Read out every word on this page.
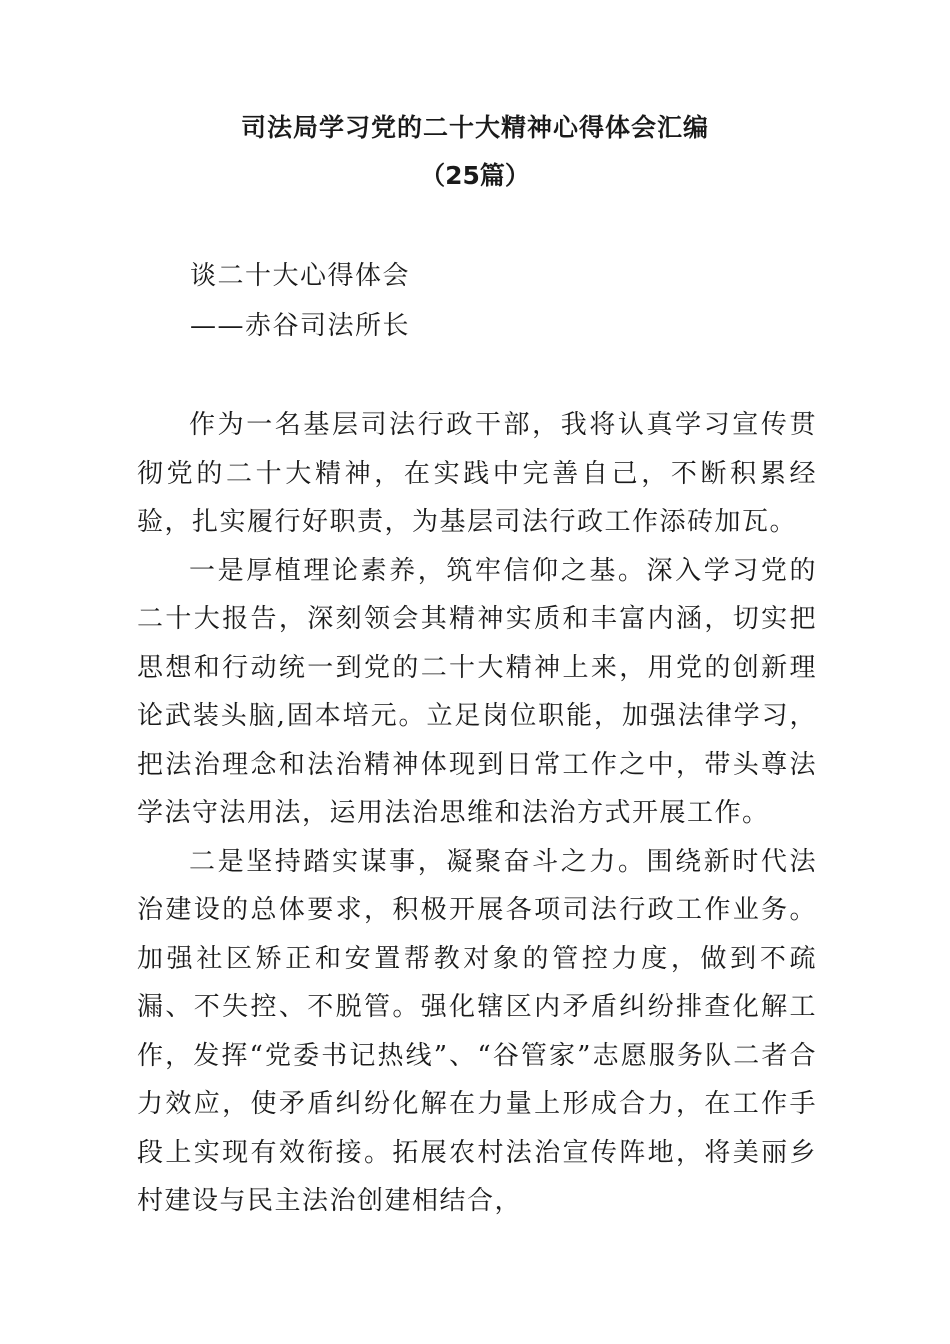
司法局学习党的二十大精神心得体会汇编
（25篇）
谈二十大心得体会
——赤谷司法所长

作为一名基层司法行政干部，我将认真学习宣传贯彻党的二十大精神，在实践中完善自己，不断积累经验，扎实履行好职责，为基层司法行政工作添砖加瓦。

一是厚植理论素养，筑牢信仰之基。深入学习党的二十大报告，深刻领会其精神实质和丰富内涵，切实把思想和行动统一到党的二十大精神上来，用党的创新理论武装头脑,固本培元。立足岗位职能，加强法律学习，把法治理念和法治精神体现到日常工作之中，带头尊法学法守法用法，运用法治思维和法治方式开展工作。

二是坚持踏实谋事，凝聚奋斗之力。围绕新时代法治建设的总体要求，积极开展各项司法行政工作业务。加强社区矫正和安置帮教对象的管控力度，做到不疏漏、不失控、不脱管。强化辖区内矛盾纠纷排查化解工作，发挥“党委书记热线”、“谷管家”志愿服务队二者合力效应，使矛盾纠纷化解在力量上形成合力，在工作手段上实现有效衔接。拓展农村法治宣传阵地，将美丽乡村建设与民主法治创建相结合，
